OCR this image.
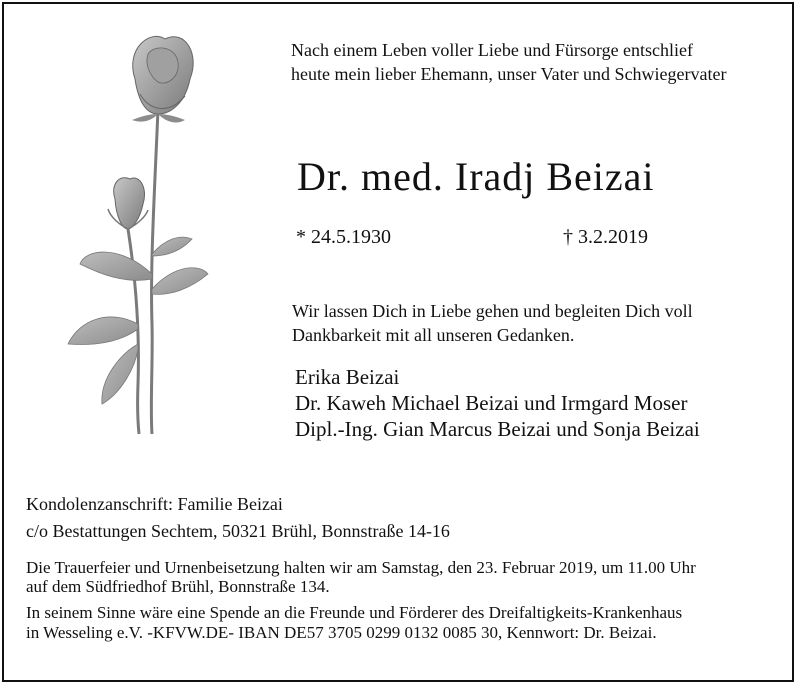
Nach einem Leben voller Liebe und Fürsorge entschlief
heute mein lieber Ehemann, unser Vater und Schwiegervater
Dr. med. Iradj Beizai
* 24.5.1930	† 3.2.2019
Wir lassen Dich in Liebe gehen und begleiten Dich voll
Dankbarkeit mit all unseren Gedanken.
Erika Beizai
Dr. Kaweh Michael Beizai und Irmgard Moser
Dipl.-Ing. Gian Marcus Beizai und Sonja Beizai
Kondolenzanschrift: Familie Beizai
c/o Bestattungen Sechtem, 50321 Brühl, Bonnstraße 14-16
Die Trauerfeier und Urnenbeisetzung halten wir am Samstag, den 23. Februar 2019, um 11.00 Uhr
auf dem Südfriedhof Brühl, Bonnstraße 134.
In seinem Sinne wäre eine Spende an die Freunde und Förderer des Dreifaltigkeits-Krankenhaus
in Wesseling e.V. -KFVW.DE- IBAN DE57 3705 0299 0132 0085 30, Kennwort: Dr. Beizai.
